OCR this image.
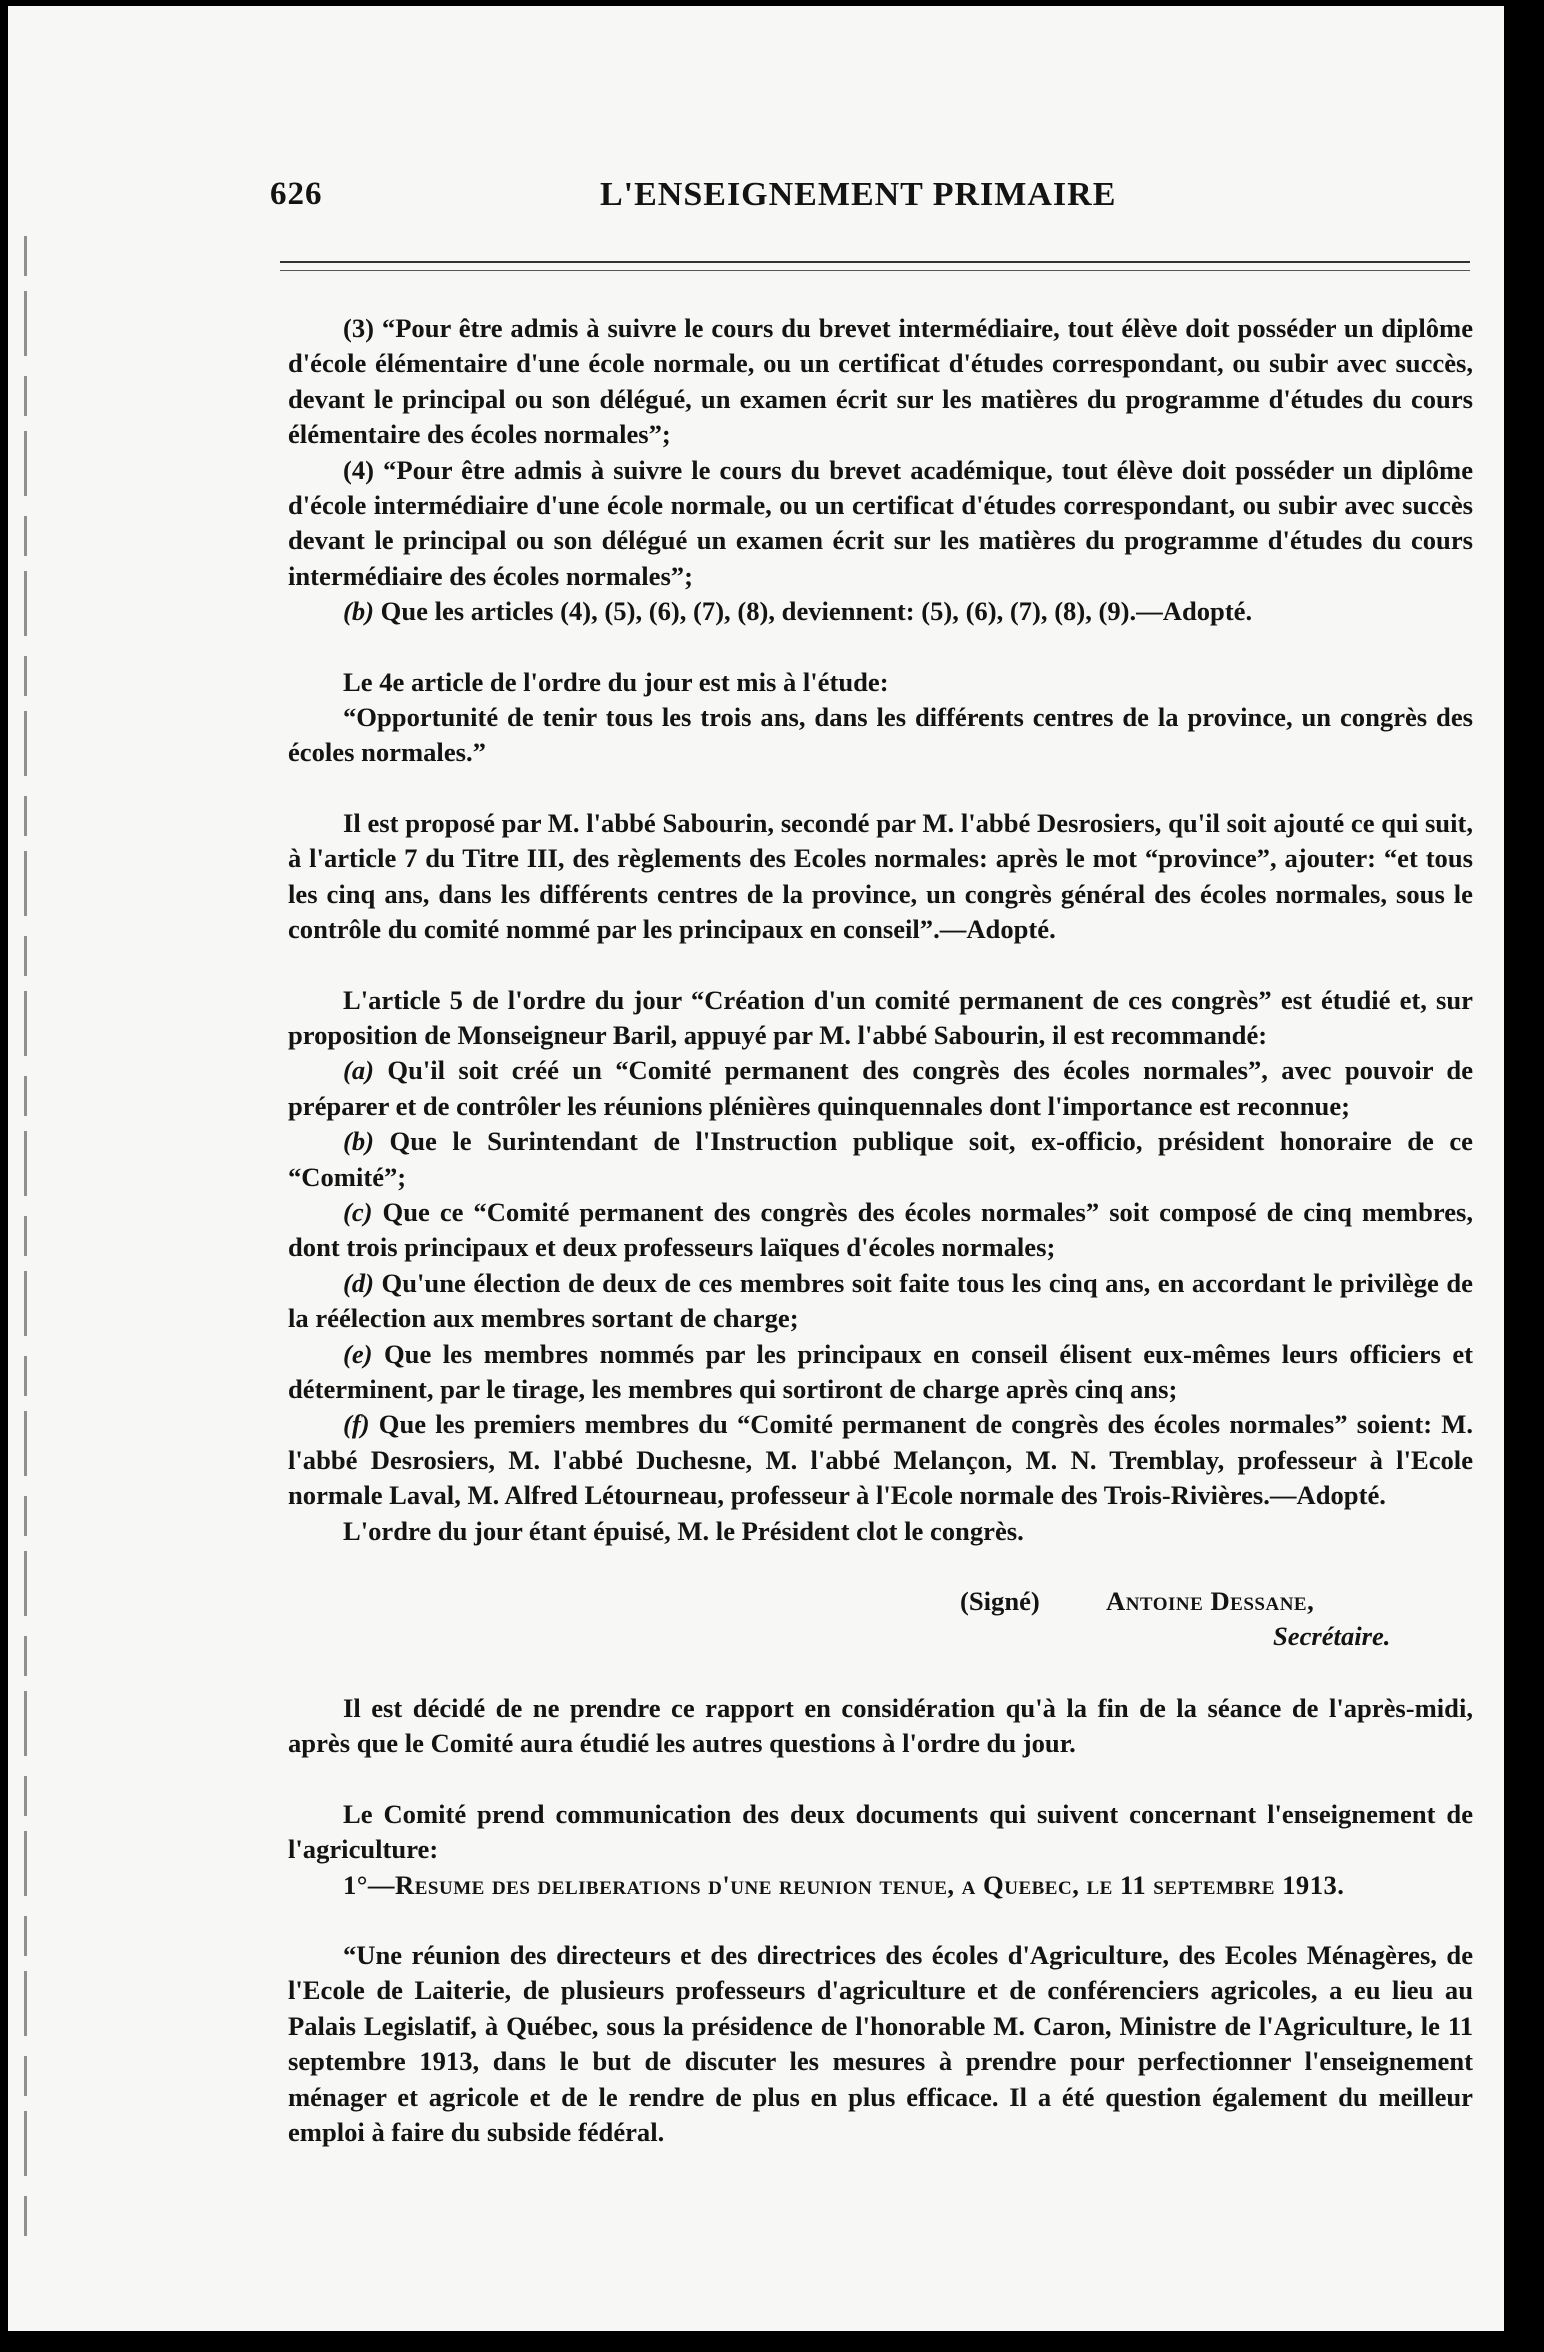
626	L'ENSEIGNEMENT PRIMAIRE

(3) “Pour être admis à suivre le cours du brevet intermédiaire, tout élève doit posséder un diplôme d'école élémentaire d'une école normale, ou un certificat d'études correspondant, ou subir avec succès, devant le principal ou son délégué, un examen écrit sur les matières du programme d'études du cours élémentaire des écoles normales”;

(4) “Pour être admis à suivre le cours du brevet académique, tout élève doit posséder un diplôme d'école intermédiaire d'une école normale, ou un certificat d'études correspondant, ou subir avec succès devant le principal ou son délégué un examen écrit sur les matières du programme d'études du cours intermédiaire des écoles normales”;

(b) Que les articles (4), (5), (6), (7), (8), deviennent: (5), (6), (7), (8), (9).—Adopté.

Le 4e article de l'ordre du jour est mis à l'étude:

“Opportunité de tenir tous les trois ans, dans les différents centres de la province, un congrès des écoles normales.”

Il est proposé par M. l'abbé Sabourin, secondé par M. l'abbé Desrosiers, qu'il soit ajouté ce qui suit, à l'article 7 du Titre III, des règlements des Ecoles normales: après le mot “province”, ajouter: “et tous les cinq ans, dans les différents centres de la province, un congrès général des écoles normales, sous le contrôle du comité nommé par les principaux en conseil”.—Adopté.

L'article 5 de l'ordre du jour “Création d'un comité permanent de ces congrès” est étudié et, sur proposition de Monseigneur Baril, appuyé par M. l'abbé Sabourin, il est recommandé:

(a) Qu'il soit créé un “Comité permanent des congrès des écoles normales”, avec pouvoir de préparer et de contrôler les réunions plénières quinquennales dont l'importance est reconnue;

(b) Que le Surintendant de l'Instruction publique soit, ex-officio, président honoraire de ce “Comité”;

(c) Que ce “Comité permanent des congrès des écoles normales” soit composé de cinq membres, dont trois principaux et deux professeurs laïques d'écoles normales;

(d) Qu'une élection de deux de ces membres soit faite tous les cinq ans, en accordant le privilège de la réélection aux membres sortant de charge;

(e) Que les membres nommés par les principaux en conseil élisent eux-mêmes leurs officiers et déterminent, par le tirage, les membres qui sortiront de charge après cinq ans;

(f) Que les premiers membres du “Comité permanent de congrès des écoles normales” soient: M. l'abbé Desrosiers, M. l'abbé Duchesne, M. l'abbé Melançon, M. N. Tremblay, professeur à l'Ecole normale Laval, M. Alfred Létourneau, professeur à l'Ecole normale des Trois-Rivières.—Adopté.

L'ordre du jour étant épuisé, M. le Président clot le congrès.

(Signé) Antoine Dessane,
Secrétaire.

Il est décidé de ne prendre ce rapport en considération qu'à la fin de la séance de l'après-midi, après que le Comité aura étudié les autres questions à l'ordre du jour.

Le Comité prend communication des deux documents qui suivent concernant l'enseignement de l'agriculture:

1°—Resume des deliberations d'une reunion tenue, a Quebec, le 11 septembre 1913.

“Une réunion des directeurs et des directrices des écoles d'Agriculture, des Ecoles Ménagères, de l'Ecole de Laiterie, de plusieurs professeurs d'agriculture et de conférenciers agricoles, a eu lieu au Palais Legislatif, à Québec, sous la présidence de l'honorable M. Caron, Ministre de l'Agriculture, le 11 septembre 1913, dans le but de discuter les mesures à prendre pour perfectionner l'enseignement ménager et agricole et de le rendre de plus en plus efficace. Il a été question également du meilleur emploi à faire du subside fédéral.
